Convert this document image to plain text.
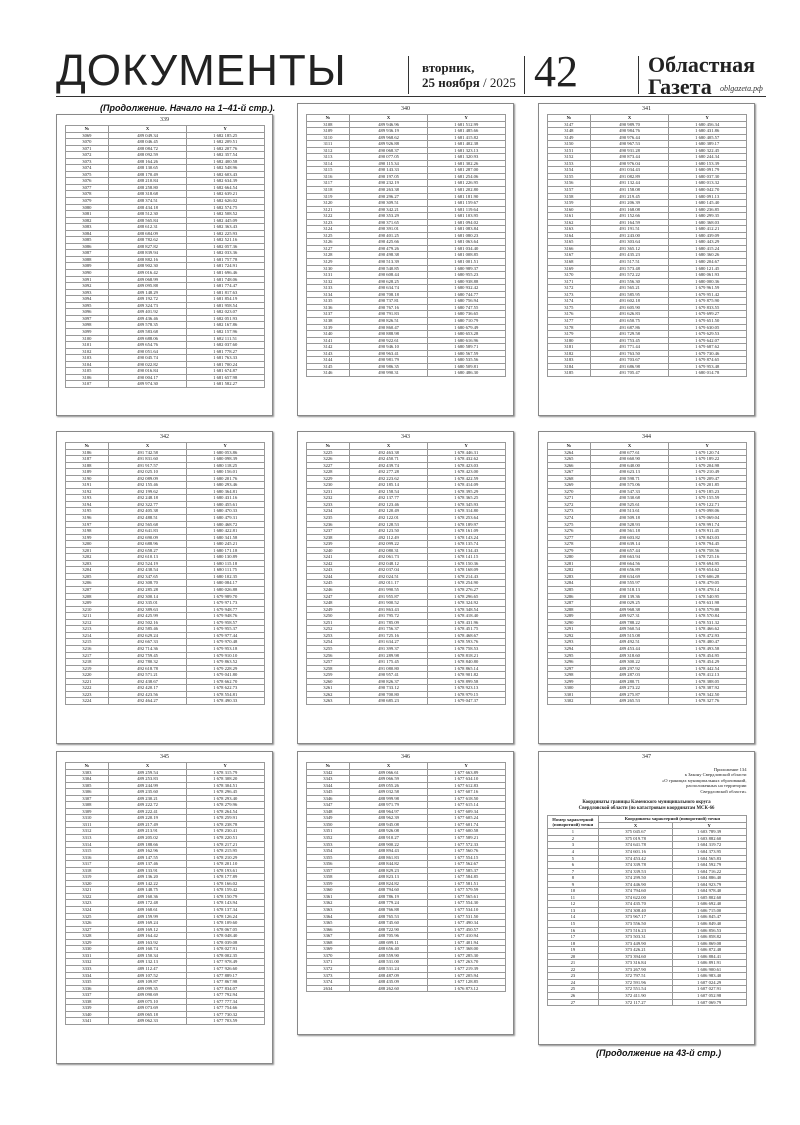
ДОКУМЕНТЫ	вторник,
25 ноября / 2025 42	Областная
Газета	oblgazeta.рф
(Продолжение. Начало на 1–41-й стр.).
339
№	X	Y
3069	489 049.34	1 682 185.25
3070	488 046.45	1 682 209.51
3071	488 084.72	1 682 207.76
3072	488 092.59	1 682 357.54
3073	488 164.26	1 682 400.58
3074	488 130.65	1 682 548.96
3075	488 170.49	1 682 603.43
3076	488 210.84	1 682 634.39
3077	488 258.80	1 682 664.54
3078	488 318.68	1 682 639.21
3079	488 374.51	1 682 626.02
3080	488 434.18	1 682 574.75
3081	488 512.30	1 682 508.52
3082	488 565.84	1 682 445.09
3083	488 612.31	1 682 363.43
3084	488 684.09	1 682 225.93
3085	488 782.62	1 682 521.16
3086	488 827.82	1 682 057.36
3087	488 839.94	1 682 033.36
3088	488 882.16	1 681 757.78
3089	488 902.30	1 681 724.91
3090	489 016.42	1 681 696.46
3091	489 068.99	1 681 748.06
3092	489 095.88	1 681 774.47
3093	489 148.29	1 681 817.63
3094	489 192.72	1 681 854.19
3095	489 324.73	1 681 958.54
3096	489 401.92	1 682 023.07
3097	489 436.46	1 682 051.93
3098	489 578.35	1 682 167.86
3099	489 583.68	1 682 157.96
3100	489 688.06	1 682 111.51
3101	489 654.76	1 682 037.60
3102	490 051.64	1 681 778.27
3103	490 045.74	1 681 763.33
3104	490 022.82	1 681 700.24
3105	490 016.84	1 681 674.87
3106	490 004.17	1 681 657.98
3107	489 974.30	1 681 582.27
340
№	X	Y
3108	489 946.96	1 681 512.99
3109	489 936.19	1 681 485.66
3110	489 968.62	1 681 415.82
3111	489 926.88	1 681 402.38
3112	490 068.37	1 681 323.13
3113	490 077.05	1 681 320.93
3114	490 115.34	1 681 302.26
3115	490 143.33	1 681 287.00
3116	490 197.05	1 681 254.06
3117	490 232.19	1 681 226.95
3118	490 263.38	1 681 202.80
3119	490 296.27	1 681 181.90
3120	490 309.51	1 681 159.67
3121	490 342.21	1 681 119.64
3122	490 353.29	1 681 103.95
3123	490 371.65	1 681 094.02
3124	490 391.01	1 681 083.84
3125	490 401.25	1 681 080.23
3126	490 425.66	1 681 063.64
3127	490 479.26	1 681 034.40
3128	490 498.38	1 681 008.85
3129	490 513.39	1 681 001.51
3130	490 540.85	1 680 989.37
3131	490 608.44	1 680 955.23
3132	490 628.25	1 680 938.88
3133	490 634.74	1 680 932.42
3134	490 708.18	1 680 744.77
3135	490 737.81	1 680 756.94
3136	490 767.16	1 680 747.55
3137	490 791.83	1 680 736.65
3138	490 826.51	1 680 710.79
3139	490 860.47	1 680 679.49
3140	490 888.98	1 680 653.28
3141	490 922.61	1 680 616.96
3142	490 946.10	1 680 589.71
3143	490 963.41	1 680 567.59
3144	490 981.79	1 680 535.56
3145	490 986.35	1 680 509.81
3146	490 990.31	1 680 486.30
341
№	X	Y
3147	490 989.70	1 680 456.34
3148	490 984.76	1 680 431.86
3149	490 976.44	1 680 405.57
3150	490 967.53	1 680 389.17
3151	490 931.28	1 680 322.45
3152	490 873.44	1 680 244.34
3153	490 976.04	1 680 153.39
3154	491 034.43	1 680 091.79
3155	491 082.89	1 680 037.30
3156	491 132.44	1 680 013.32
3157	491 158.08	1 680 042.70
3158	491 219.45	1 680 091.13
3159	491 206.39	1 680 145.40
3160	491 168.08	1 680 236.85
3161	491 152.66	1 680 299.35
3162	491 164.59	1 680 368.03
3163	491 191.51	1 680 412.21
3164	491 243.00	1 680 439.09
3165	491 303.64	1 680 443.29
3166	491 365.12	1 680 415.24
3167	491 435.23	1 680 360.26
3168	491 517.51	1 680 204.67
3169	491 573.48	1 680 121.45
3170	491 572.22	1 680 061.93
3171	491 556.30	1 680 000.36
3172	491 565.21	1 679 961.59
3173	491 585.95	1 679 951.42
3174	491 602.18	1 679 875.90
3175	491 605.90	1 679 833.55
3176	491 626.83	1 679 699.27
3177	491 650.75	1 679 651.50
3178	491 687.86	1 679 630.05
3179	491 729.58	1 679 629.53
3180	491 753.45	1 679 642.07
3181	491 771.44	1 679 687.62
3182	491 763.50	1 679 730.46
3183	491 703.67	1 679 874.65
3184	491 686.98	1 679 953.48
3185	491 705.47	1 680 014.78
342
№	X	Y
3186	491 742.58	1 680 053.86
3187	491 831.60	1 680 098.39
3188	491 917.57	1 680 118.25
3189	492 025.10	1 680 156.01
3190	492 089.09	1 680 201.76
3191	492 155.46	1 680 293.46
3192	492 199.62	1 680 364.81
3193	492 248.18	1 680 431.16
3194	492 322.77	1 680 455.61
3195	492 405.38	1 680 470.33
3196	492 488.51	1 680 479.31
3197	492 565.68	1 680 468.72
3198	492 641.83	1 680 422.81
3199	492 690.09	1 680 341.58
3200	492 688.96	1 680 245.21
3201	492 658.27	1 680 171.18
3202	492 610.13	1 680 130.89
3203	492 524.19	1 680 115.18
3204	492 438.54	1 680 111.75
3205	492 347.65	1 680 102.35
3206	492 308.70	1 680 084.17
3207	492 285.28	1 680 026.88
3208	492 300.14	1 679 989.70
3209	492 335.01	1 679 971.73
3210	492 389.63	1 679 948.77
3211	492 425.99	1 679 948.76
3212	492 502.16	1 679 958.57
3213	492 585.46	1 679 955.37
3214	492 629.24	1 679 977.44
3215	492 667.33	1 679 970.48
3216	492 714.36	1 679 953.18
3217	492 759.45	1 679 910.10
3218	492 780.32	1 679 863.52
3219	492 618.78	1 679 228.29
3220	492 571.21	1 679 041.80
3221	492 438.67	1 678 662.70
3222	492 420.17	1 678 622.73
3223	492 423.56	1 678 554.81
3224	492 464.27	1 678 490.33
343
№	X	Y
3225	492 463.38	1 678 446.31
3226	492 450.71	1 678 432.62
3227	492 439.74	1 678 423.03
3228	492 277.28	1 678 423.00
3229	492 223.62	1 678 422.59
3230	492 185.14	1 678 414.09
3231	492 158.54	1 678 395.29
3232	492 137.77	1 678 365.25
3233	492 123.46	1 678 345.93
3234	492 120.49	1 678 314.80
3235	492 122.01	1 678 253.64
3236	492 128.53	1 678 189.97
3237	492 123.50	1 678 161.09
3238	492 112.49	1 678 143.24
3239	492 099.22	1 678 135.74
3240	492 080.31	1 678 134.43
3241	492 061.73	1 678 141.15
3242	492 048.12	1 678 150.36
3243	492 037.04	1 678 168.09
3244	492 024.51	1 678 214.43
3245	492 011.17	1 678 254.90
3246	491 990.55	1 678 276.27
3247	491 955.87	1 678 296.65
3248	491 900.52	1 678 324.92
3249	491 863.43	1 678 348.54
3250	491 795.72	1 678 418.40
3251	491 785.09	1 678 431.96
3252	491 756.37	1 678 451.75
3253	491 725.16	1 678 468.67
3254	491 634.27	1 678 593.76
3255	491 399.37	1 678 758.53
3256	491 289.98	1 678 818.21
3257	491 175.45	1 678 840.80
3258	491 080.80	1 678 865.14
3259	490 957.41	1 678 901.82
3260	490 826.37	1 678 899.58
3261	490 733.12	1 678 923.13
3262	490 700.80	1 678 979.15
3263	490 685.23	1 679 047.37
344
№	X	Y
3264	490 677.61	1 679 120.74
3265	490 660.90	1 679 189.22
3266	490 640.00	1 679 204.98
3267	490 623.13	1 679 210.49
3268	490 598.71	1 679 209.47
3269	490 575.06	1 679 201.85
3270	490 547.33	1 679 185.23
3271	490 530.68	1 679 155.59
3272	490 525.61	1 679 122.71
3273	490 513.61	1 679 098.06
3274	490 509.18	1 679 069.04
3275	490 528.93	1 678 991.74
3276	490 561.18	1 678 911.45
3277	490 603.82	1 678 843.03
3278	490 639.14	1 678 794.45
3279	490 657.44	1 678 758.56
3280	490 663.94	1 678 725.16
3281	490 664.56	1 678 694.95
3282	490 656.89	1 678 654.62
3283	490 634.69	1 678 606.28
3284	490 555.97	1 678 479.05
3285	490 518.13	1 678 478.14
3286	490 139.36	1 678 540.95
3287	490 029.25	1 678 631.98
3288	489 968.38	1 678 579.88
3289	489 927.31	1 678 570.84
3290	489 788.22	1 678 531.32
3291	489 560.54	1 678 466.62
3292	489 515.08	1 678 472.93
3293	489 492.51	1 678 480.47
3294	489 453.44	1 678 493.58
3295	489 318.60	1 678 454.95
3296	489 300.22	1 678 454.29
3297	489 297.92	1 678 442.54
3298	489 287.03	1 678 412.13
3299	489 280.71	1 678 388.05
3300	489 273.22	1 678 387.92
3301	489 275.87	1 678 342.50
3302	489 265.53	1 678 327.76
345
№	X	Y
3303	489 259.54	1 678 315.79
3304	489 253.83	1 678 308.20
3305	489 244.99	1 678 304.51
3306	489 235.60	1 678 296.45
3307	489 230.21	1 678 293.40
3308	489 222.72	1 678 279.96
3309	489 222.41	1 678 264.54
3310	489 220.19	1 678 259.91
3311	489 217.49	1 678 238.78
3312	489 213.91	1 678 230.41
3313	489 205.02	1 678 220.51
3314	489 188.66	1 678 217.21
3315	489 162.96	1 678 215.95
3316	489 147.55	1 678 210.29
3317	489 137.46	1 678 201.10
3318	489 133.91	1 678 193.61
3319	489 136.20	1 678 177.89
3320	489 142.22	1 678 166.02
3321	489 148.75	1 678 159.42
3322	489 160.36	1 678 150.79
3323	489 172.48	1 678 143.94
3324	489 168.61	1 678 137.34
3325	489 159.99	1 678 126.24
3326	489 169.24	1 678 109.60
3327	489 169.12	1 678 067.05
3328	489 164.42	1 678 048.40
3329	489 163.92	1 678 039.08
3330	489 160.74	1 678 027.91
3331	489 150.34	1 678 002.35
3332	489 132.13	1 677 978.49
3333	489 112.47	1 677 926.60
3334	489 107.52	1 677 889.17
3335	489 109.87	1 677 867.98
3336	489 099.35	1 677 834.07
3337	489 090.69	1 677 792.94
3338	489 075.10	1 677 777.34
3339	489 073.69	1 677 754.66
3340	489 065.18	1 677 730.32
3341	489 062.33	1 677 703.59
346
№	X	Y
3342	489 066.61	1 677 663.89
3343	489 066.59	1 677 634.10
3344	489 055.26	1 677 612.83
3345	489 032.58	1 677 607.16
3346	488 999.98	1 677 618.50
3347	488 971.79	1 677 615.14
3348	488 964.97	1 677 609.34
3349	488 962.39	1 677 605.24
3350	488 945.08	1 677 601.74
3351	488 926.08	1 677 600.58
3352	488 910.27	1 677 589.21
3353	488 900.22	1 677 572.33
3354	488 894.43	1 677 560.76
3355	488 861.83	1 677 554.15
3356	488 844.82	1 677 562.67
3357	488 829.23	1 677 585.37
3358	488 823.13	1 677 584.85
3359	488 824.82	1 677 581.51
3360	488 794.60	1 677 579.59
3361	488 786.19	1 677 565.61
3362	488 779.24	1 677 554.30
3363	488 766.88	1 677 534.10
3364	488 765.53	1 677 531.50
3365	488 745.60	1 677 490.34
3366	488 722.90	1 677 450.57
3367	488 705.96	1 677 410.94
3368	488 699.11	1 677 401.94
3369	488 656.40	1 677 368.00
3370	488 559.90	1 677 285.30
3371	488 531.00	1 677 263.70
3372	488 531.24	1 677 219.39
3373	488 487.09	1 677 205.94
3374	488 435.09	1 677 128.85
2634	488 262.60	1 676 873.12
347
Приложение 134
к Закону Свердловской области
«О границах муниципальных образований,
расположенных на территории
Свердловской области»
Координаты границы Каменского муниципального округа
Свердловской области (по катастровым координатам МСК-66
Номер характерной (поворотной) точки	Координаты характерной (поворотной) точки	
	X	Y
1	375 045.67	1 603 789.39
2	375 019.78	1 603 882.60
3	374 641.78	1 604 319.72
4	374 601.16	1 604 373.95
5	374 453.42	1 604 565.83
6	374 339.78	1 604 592.79
7	374 339.53	1 604 716.22
8	374 299.50	1 604 886.40
9	374 446.90	1 604 923.79
10	374 794.60	1 604 978.40
11	374 622.00	1 605 802.60
12	374 435.70	1 606 692.40
13	374 308.40	1 606 715.00
14	373 967.17	1 606 845.47
15	373 556.50	1 606 849.40
16	373 516.23	1 606 856.53
17	373 503.31	1 606 858.82
18	373 449.90	1 606 869.08
19	373 426.21	1 606 872.48
20	373 394.60	1 606 884.41
21	373 316.84	1 606 891.91
22	373 267.90	1 606 900.61
23	372 797.51	1 606 983.40
24	372 591.96	1 607 024.29
25	372 551.54	1 607 027.91
26	372 411.90	1 607 052.98
27	372 117.27	1 607 069.79
(Продолжение на 43-й стр.)
